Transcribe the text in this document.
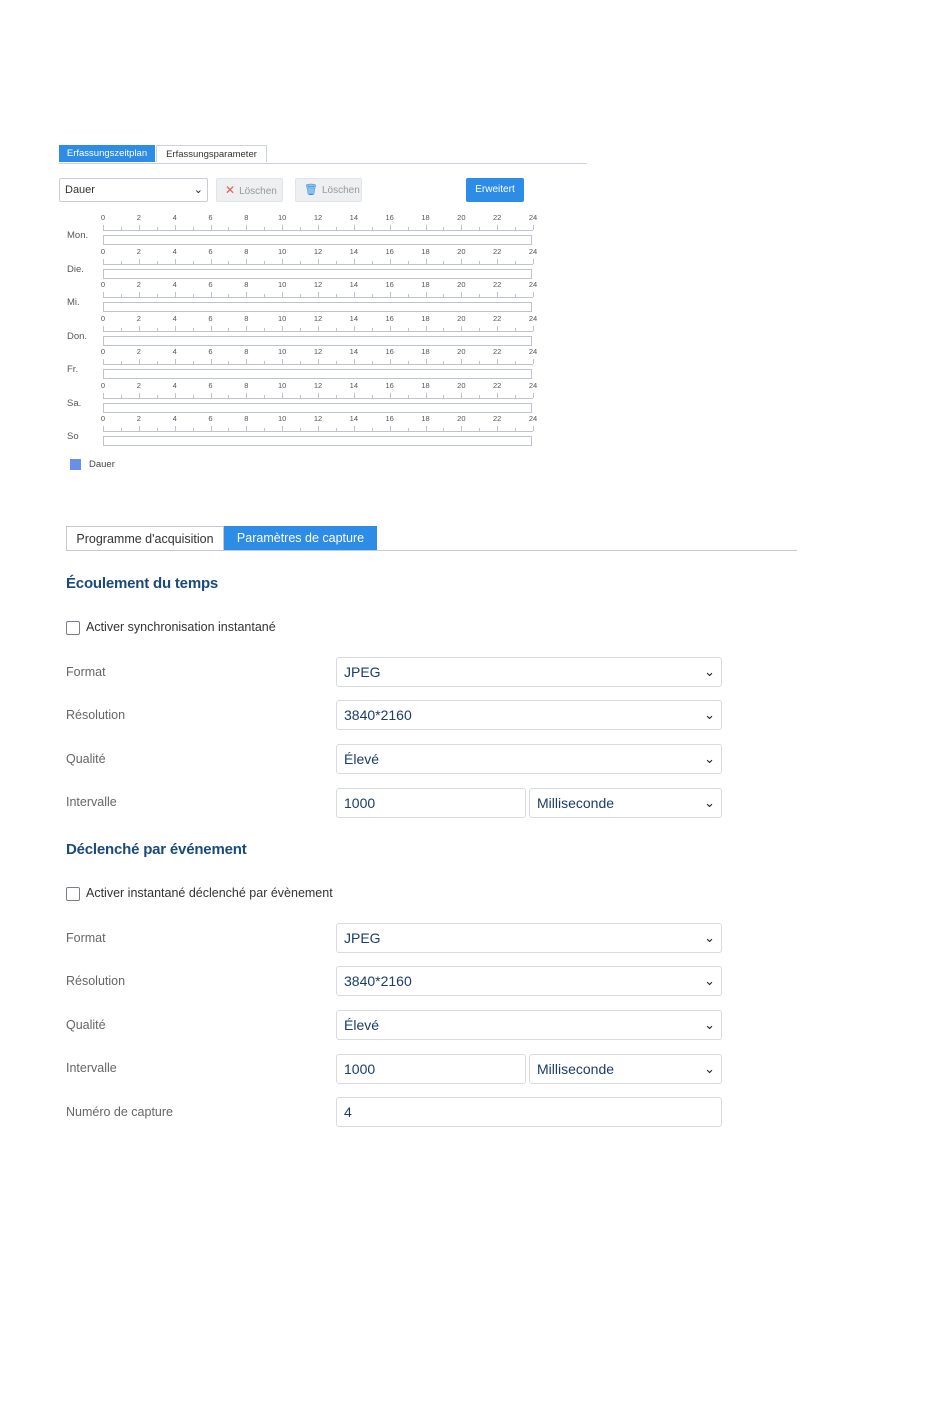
Erfassungszeitplan	Erfassungsparameter
Dauer	⌄	✕ Löschen	🗑 Löschen	Erweitert
Mon.
0	2	4	6	8	10	12	14	16	18	20	22	24
Die.
0	2	4	6	8	10	12	14	16	18	20	22	24
Mi.
0	2	4	6	8	10	12	14	16	18	20	22	24
Don.
0	2	4	6	8	10	12	14	16	18	20	22	24
Fr.
0	2	4	6	8	10	12	14	16	18	20	22	24
Sa.
0	2	4	6	8	10	12	14	16	18	20	22	24
So
0	2	4	6	8	10	12	14	16	18	20	22	24
Dauer
Programme d'acquisition	Paramètres de capture
Écoulement du temps
Activer synchronisation instantané
Format	JPEG	⌄
Résolution	3840*2160	⌄
Qualité	Élevé	⌄
Intervalle	1000	Milliseconde	⌄
Déclenché par événement
Activer instantané déclenché par évènement
Format	JPEG	⌄
Résolution	3840*2160	⌄
Qualité	Élevé	⌄
Intervalle	1000	Milliseconde	⌄
Numéro de capture	4
